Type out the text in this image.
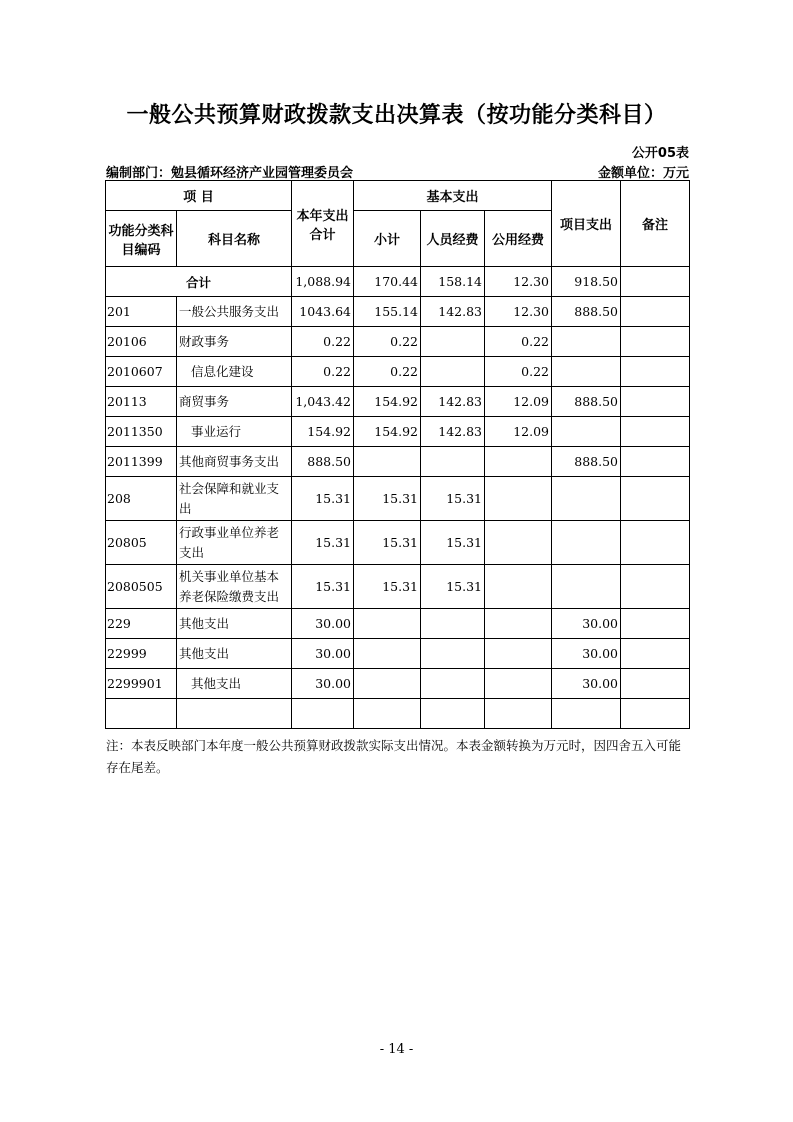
一般公共预算财政拨款支出决算表（按功能分类科目）
公开05表
编制部门：勉县循环经济产业园管理委员会	金额单位：万元
项 目		本年支出合计	基本支出			项目支出	备注
功能分类科目编码	科目名称		小计	人员经费	公用经费		
合计		1,088.94	170.44	158.14	12.30	918.50	
201	一般公共服务支出	1043.64	155.14	142.83	12.30	888.50	
20106	财政事务	0.22	0.22		0.22		
2010607	信息化建设	0.22	0.22		0.22		
20113	商贸事务	1,043.42	154.92	142.83	12.09	888.50	
2011350	事业运行	154.92	154.92	142.83	12.09		
2011399	其他商贸事务支出	888.50				888.50	
208	社会保障和就业支出	15.31	15.31	15.31			
20805	行政事业单位养老支出	15.31	15.31	15.31			
2080505	机关事业单位基本养老保险缴费支出	15.31	15.31	15.31			
229	其他支出	30.00				30.00	
22999	其他支出	30.00				30.00	
2299901	其他支出	30.00				30.00	

注：本表反映部门本年度一般公共预算财政拨款实际支出情况。本表金额转换为万元时，因四舍五入可能存在尾差。
- 14 -
